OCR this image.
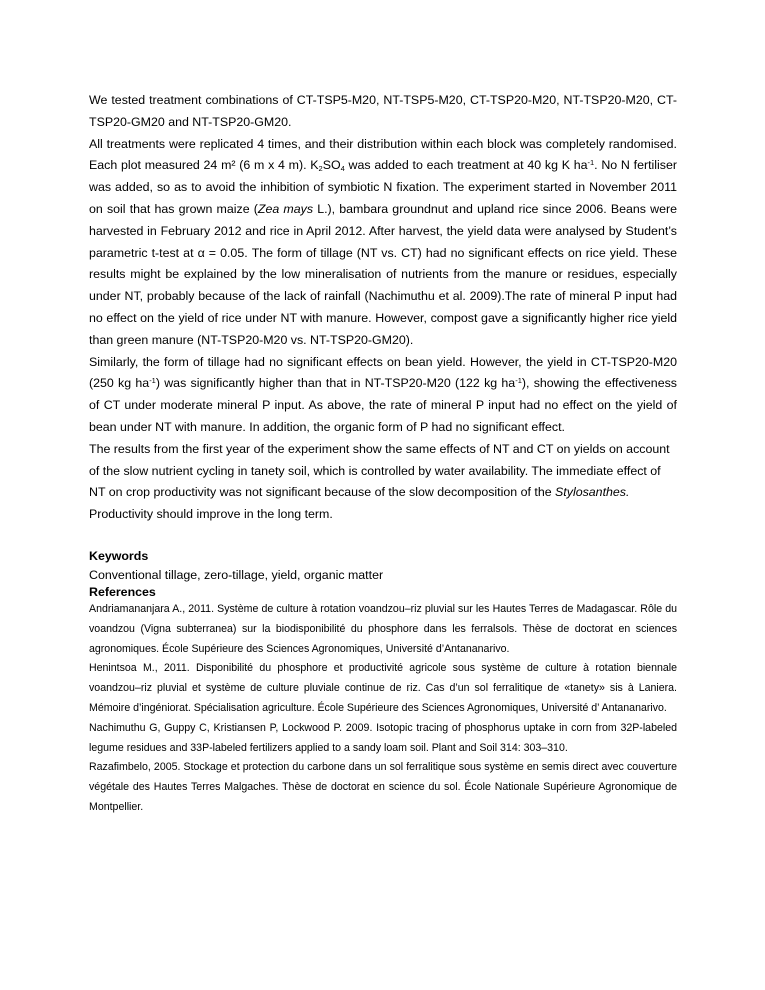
We tested treatment combinations of CT-TSP5-M20, NT-TSP5-M20, CT-TSP20-M20, NT-TSP20-M20, CT-TSP20-GM20 and NT-TSP20-GM20.

All treatments were replicated 4 times, and their distribution within each block was completely randomised. Each plot measured 24 m² (6 m x 4 m). $K_2SO_4$ was added to each treatment at 40 kg K $ha^{-1}$. No N fertiliser was added, so as to avoid the inhibition of symbiotic N fixation. The experiment started in November 2011 on soil that has grown maize (Zea mays L.), bambara groundnut and upland rice since 2006. Beans were harvested in February 2012 and rice in April 2012. After harvest, the yield data were analysed by Student’s parametric t-test at α = 0.05. The form of tillage (NT vs. CT) had no significant effects on rice yield. These results might be explained by the low mineralisation of nutrients from the manure or residues, especially under NT, probably because of the lack of rainfall (Nachimuthu et al. 2009).The rate of mineral P input had no effect on the yield of rice under NT with manure. However, compost gave a significantly higher rice yield than green manure (NT-TSP20-M20 vs. NT-TSP20-GM20).

Similarly, the form of tillage had no significant effects on bean yield. However, the yield in CT-TSP20-M20 (250 kg $ha^{-1}$) was significantly higher than that in NT-TSP20-M20 (122 kg $ha^{-1}$), showing the effectiveness of CT under moderate mineral P input. As above, the rate of mineral P input had no effect on the yield of bean under NT with manure. In addition, the organic form of P had no significant effect.

The results from the first year of the experiment show the same effects of NT and CT on yields on account of the slow nutrient cycling in tanety soil, which is controlled by water availability. The immediate effect of NT on crop productivity was not significant because of the slow decomposition of the Stylosanthes. Productivity should improve in the long term.

Keywords

Conventional tillage, zero-tillage, yield, organic matter

References

Andriamananjara A., 2011. Système de culture à rotation voandzou–riz pluvial sur les Hautes Terres de Madagascar. Rôle du voandzou (Vigna subterranea) sur la biodisponibilité du phosphore dans les ferralsols. Thèse de doctorat en sciences agronomiques. École Supérieure des Sciences Agronomiques, Université d’Antananarivo.

Henintsoa M., 2011. Disponibilité du phosphore et productivité agricole sous système de culture à rotation biennale voandzou–riz pluvial et système de culture pluviale continue de riz. Cas d’un sol ferralitique de «tanety» sis à Laniera. Mémoire d’ingéniorat. Spécialisation agriculture. École Supérieure des Sciences Agronomiques, Université d’ Antananarivo.

Nachimuthu G, Guppy C, Kristiansen P, Lockwood P. 2009. Isotopic tracing of phosphorus uptake in corn from 32P-labeled legume residues and 33P-labeled fertilizers applied to a sandy loam soil. Plant and Soil 314: 303–310.

Razafimbelo, 2005. Stockage et protection du carbone dans un sol ferralitique sous système en semis direct avec couverture végétale des Hautes Terres Malgaches. Thèse de doctorat en science du sol. École Nationale Supérieure Agronomique de Montpellier.
